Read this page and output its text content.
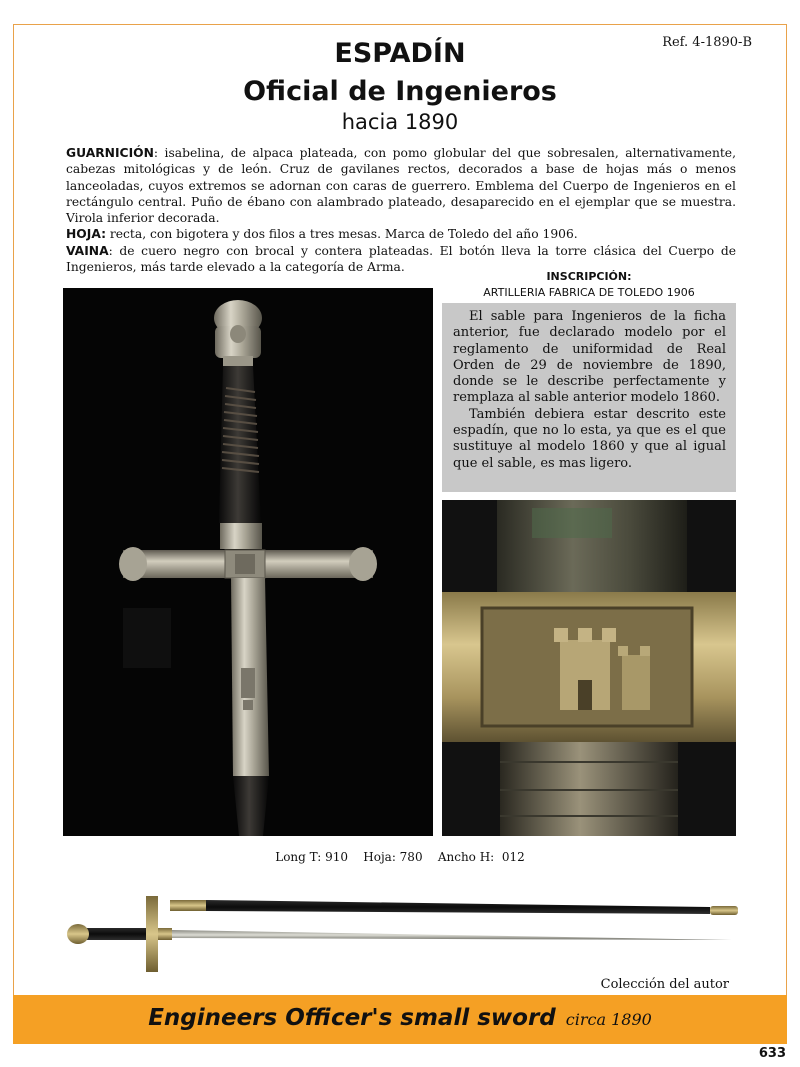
Ref. 4-1890-B
ESPADÍN
Oficial de Ingenieros
hacia 1890

GUARNICIÓN: isabelina, de alpaca plateada, con pomo globular del que sobresalen, alternativamente, cabezas mitológicas y de león. Cruz de gavilanes rectos, decorados a base de hojas más o menos lanceoladas, cuyos extremos se adornan con caras de guerrero. Emblema del Cuerpo de Ingenieros en el rectángulo central. Puño de ébano con alambrado plateado, desaparecido en el ejemplar que se muestra. Virola inferior decorada.

HOJA: recta, con bigotera y dos filos a tres mesas. Marca de Toledo del año 1906.

VAINA: de cuero negro con brocal y contera plateadas. El botón lleva la torre clásica del Cuerpo de Ingenieros, más tarde elevado a la categoría de Arma.

INSCRIPCIÓN:
ARTILLERIA FABRICA DE TOLEDO 1906

El sable para Ingenieros de la ficha anterior, fue declarado modelo por el reglamento de uniformidad de Real Orden de 29 de noviembre de 1890, donde se le describe perfectamente y remplaza al sable anterior modelo 1860.

También debiera estar descrito este espadín, que no lo esta, ya que es el que sustituye al modelo 1860 y que al igual que el sable, es mas ligero.

Long T: 910    Hoja: 780    Ancho H:  012
Colección del autor
Engineers Officer's small sword circa 1890
633
